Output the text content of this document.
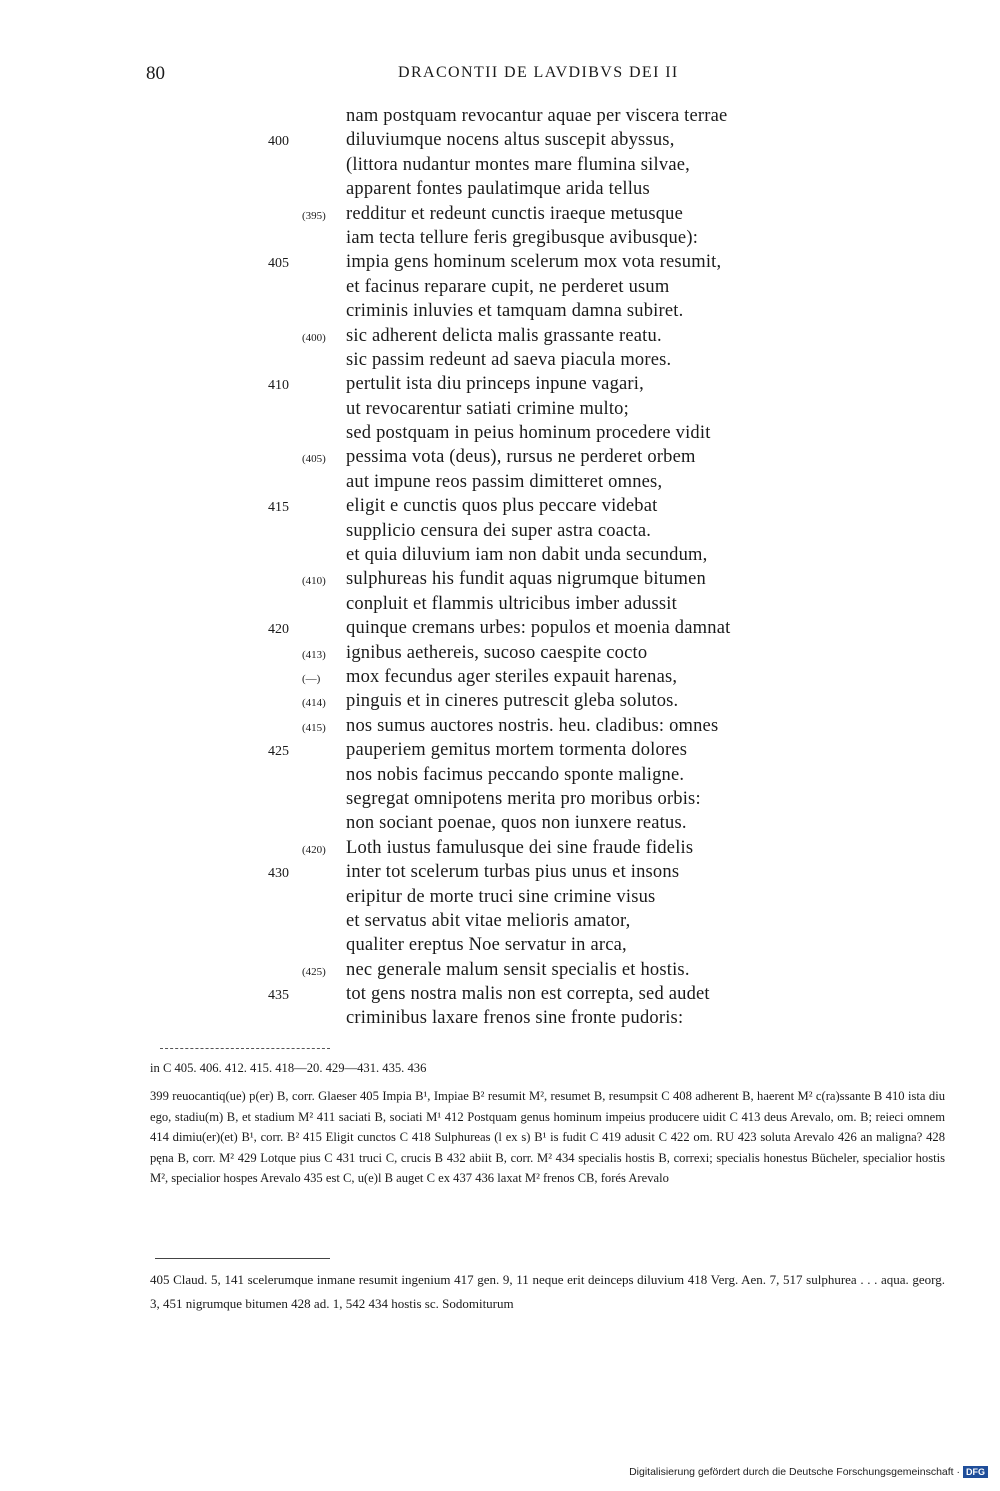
80	DRACONTII DE LAVDIBVS DEI II
nam postquam revocantur aquae per viscera terrae
400	diluviumque nocens altus suscepit abyssus,
(littora nudantur montes mare flumina silvae,
apparent fontes paulatimque arida tellus
(395)	redditur et redeunt cunctis iraeque metusque
iam tecta tellure feris gregibusque avibusque):
405	impia gens hominum scelerum mox vota resumit,
et facinus reparare cupit, ne perderet usum
criminis inluvies et tamquam damna subiret.
(400)	sic adherent delicta malis grassante reatu.
sic passim redeunt ad saeva piacula mores.
410	pertulit ista diu princeps inpune vagari,
ut revocarentur satiati crimine multo;
sed postquam in peius hominum procedere vidit
(405)	pessima vota (deus), rursus ne perderet orbem
aut impune reos passim dimitteret omnes,
415	eligit e cunctis quos plus peccare videbat
supplicio censura dei super astra coacta.
et quia diluvium iam non dabit unda secundum,
(410)	sulphureas his fundit aquas nigrumque bitumen
conpluit et flammis ultricibus imber adussit
420	quinque cremans urbes: populos et moenia damnat
(413)	ignibus aethereis, sucoso caespite cocto
(—)	mox fecundus ager steriles expauit harenas,
(414)	pinguis et in cineres putrescit gleba solutos.
(415)	nos sumus auctores nostris. heu. cladibus: omnes
425	pauperiem gemitus mortem tormenta dolores
nos nobis facimus peccando sponte maligne.
segregat omnipotens merita pro moribus orbis:
non sociant poenae, quos non iunxere reatus.
(420)	Loth iustus famulusque dei sine fraude fidelis
430	inter tot scelerum turbas pius unus et insons
eripitur de morte truci sine crimine visus
et servatus abit vitae melioris amator,
qualiter ereptus Noe servatur in arca,
(425)	nec generale malum sensit specialis et hostis.
435	tot gens nostra malis non est correpta, sed audet
criminibus laxare frenos sine fronte pudoris:

in C 405. 406. 412. 415. 418—20. 429—431. 435. 436

399 reuocantiq(ue) p(er) B, corr. Glaeser 405 Impia B¹, Impiae B² resumit M², resumet B, resumpsit C 408 adherent B, haerent M² c(ra)ssante B 410 ista diu ego, stadiu(m) B, et stadium M² 411 saciati B, sociati M¹ 412 Postquam genus hominum impeius producere uidit C 413 deus Arevalo, om. B; reieci omnem 414 dimiu(er)(et) B¹, corr. B² 415 Eligit cunctos C 418 Sulphureas (l ex s) B¹ is fudit C 419 adusit C 422 om. RU 423 soluta Arevalo 426 an maligna? 428 pęna B, corr. M² 429 Lotque pius C 431 truci C, crucis B 432 abiit B, corr. M² 434 specialis hostis B, correxi; specialis honestus Bücheler, specialior hostis M², specialior hospes Arevalo 435 est C, u(e)l B auget C ex 437 436 laxat M² frenos CB, forés Arevalo

405 Claud. 5, 141 scelerumque inmane resumit ingenium 417 gen. 9, 11 neque erit deinceps diluvium 418 Verg. Aen. 7, 517 sulphurea . . . aqua. georg. 3, 451 nigrumque bitumen 428 ad. 1, 542 434 hostis sc. Sodomiturum

Digitalisierung gefördert durch die Deutsche Forschungsgemeinschaft · DFG
